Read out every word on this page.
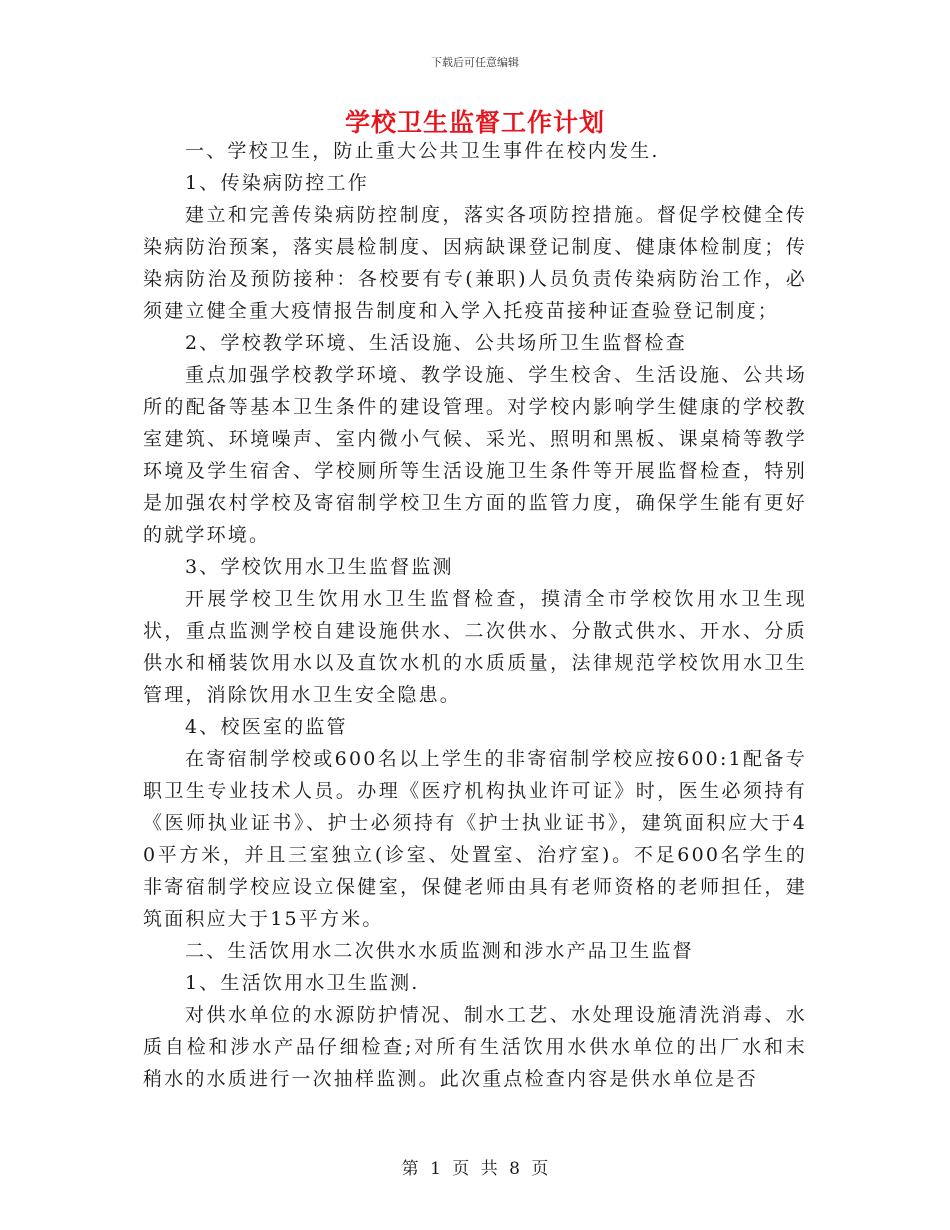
下载后可任意编辑
学校卫生监督工作计划

一、学校卫生，防止重大公共卫生事件在校内发生.

1、传染病防控工作

建立和完善传染病防控制度，落实各项防控措施。督促学校健全传染病防治预案，落实晨检制度、因病缺课登记制度、健康体检制度；传染病防治及预防接种：各校要有专(兼职)人员负责传染病防治工作，必须建立健全重大疫情报告制度和入学入托疫苗接种证查验登记制度；

2、学校教学环境、生活设施、公共场所卫生监督检查

重点加强学校教学环境、教学设施、学生校舍、生活设施、公共场所的配备等基本卫生条件的建设管理。对学校内影响学生健康的学校教室建筑、环境噪声、室内微小气候、采光、照明和黑板、课桌椅等教学环境及学生宿舍、学校厕所等生活设施卫生条件等开展监督检查，特别是加强农村学校及寄宿制学校卫生方面的监管力度，确保学生能有更好的就学环境。

3、学校饮用水卫生监督监测

开展学校卫生饮用水卫生监督检查，摸清全市学校饮用水卫生现状，重点监测学校自建设施供水、二次供水、分散式供水、开水、分质供水和桶装饮用水以及直饮水机的水质质量，法律规范学校饮用水卫生管理，消除饮用水卫生安全隐患。

4、校医室的监管

在寄宿制学校或600名以上学生的非寄宿制学校应按600:1配备专职卫生专业技术人员。办理《医疗机构执业许可证》时，医生必须持有《医师执业证书》、护士必须持有《护士执业证书》，建筑面积应大于40平方米，并且三室独立(诊室、处置室、治疗室)。不足600名学生的非寄宿制学校应设立保健室，保健老师由具有老师资格的老师担任，建筑面积应大于15平方米。

二、生活饮用水二次供水水质监测和涉水产品卫生监督

1、生活饮用水卫生监测.

对供水单位的水源防护情况、制水工艺、水处理设施清洗消毒、水质自检和涉水产品仔细检查;对所有生活饮用水供水单位的出厂水和末稍水的水质进行一次抽样监测。此次重点检查内容是供水单位是否

第 1 页 共 8 页
